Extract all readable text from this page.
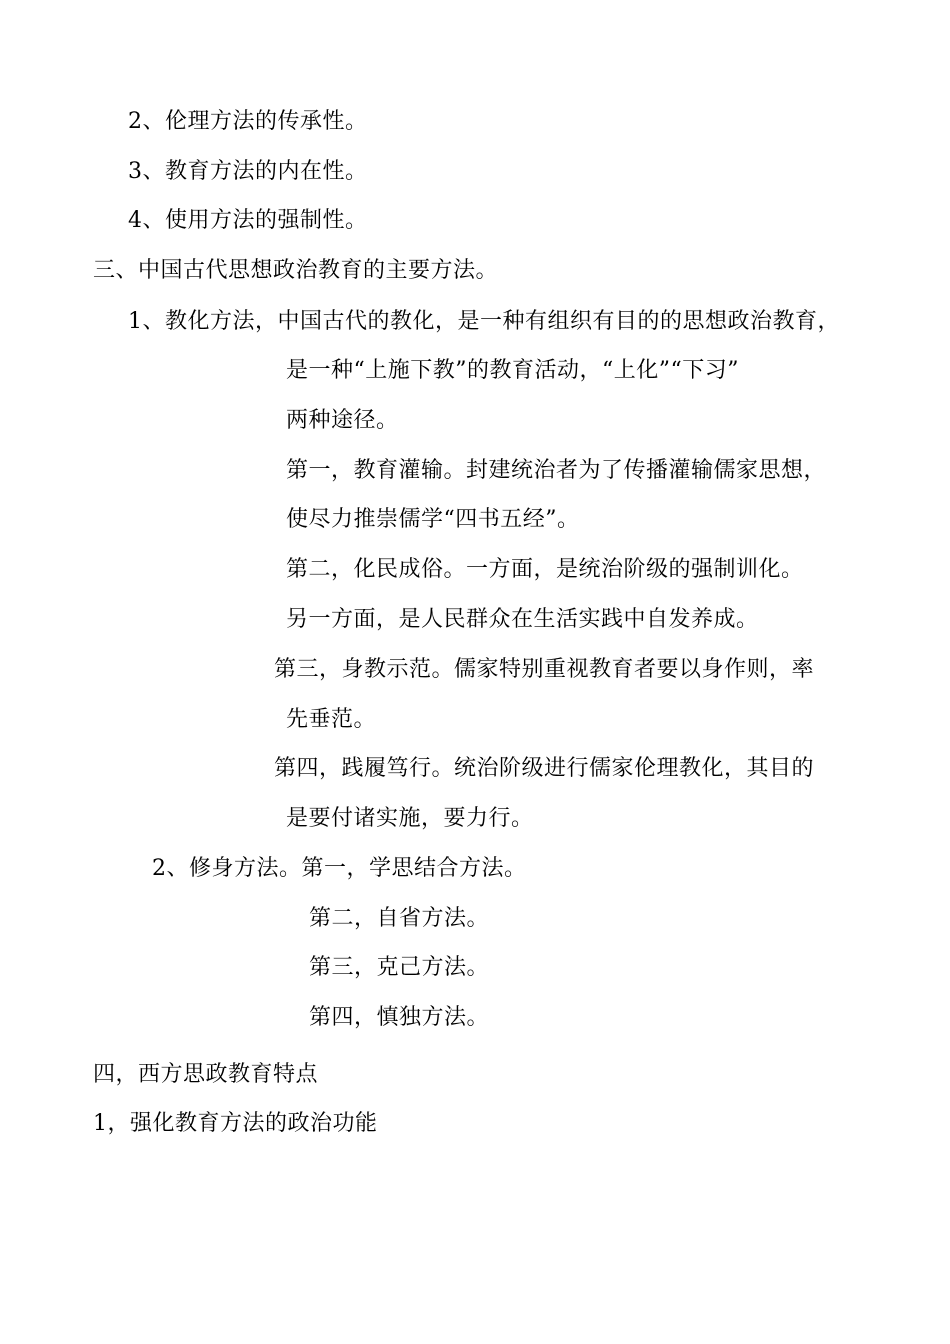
2、伦理方法的传承性。
3、教育方法的内在性。
4、使用方法的强制性。
三、中国古代思想政治教育的主要方法。
1、教化方法，中国古代的教化，是一种有组织有目的的思想政治教育，
是一种“上施下教”的教育活动，“上化”“下习”
两种途径。
第一，教育灌输。封建统治者为了传播灌输儒家思想，
使尽力推崇儒学“四书五经”。
第二，化民成俗。一方面，是统治阶级的强制训化。
另一方面，是人民群众在生活实践中自发养成。
第三，身教示范。儒家特别重视教育者要以身作则，率
先垂范。
第四，践履笃行。统治阶级进行儒家伦理教化，其目的
是要付诸实施，要力行。
2、修身方法。第一，学思结合方法。
第二，自省方法。
第三，克己方法。
第四，慎独方法。
四，西方思政教育特点
1，强化教育方法的政治功能
